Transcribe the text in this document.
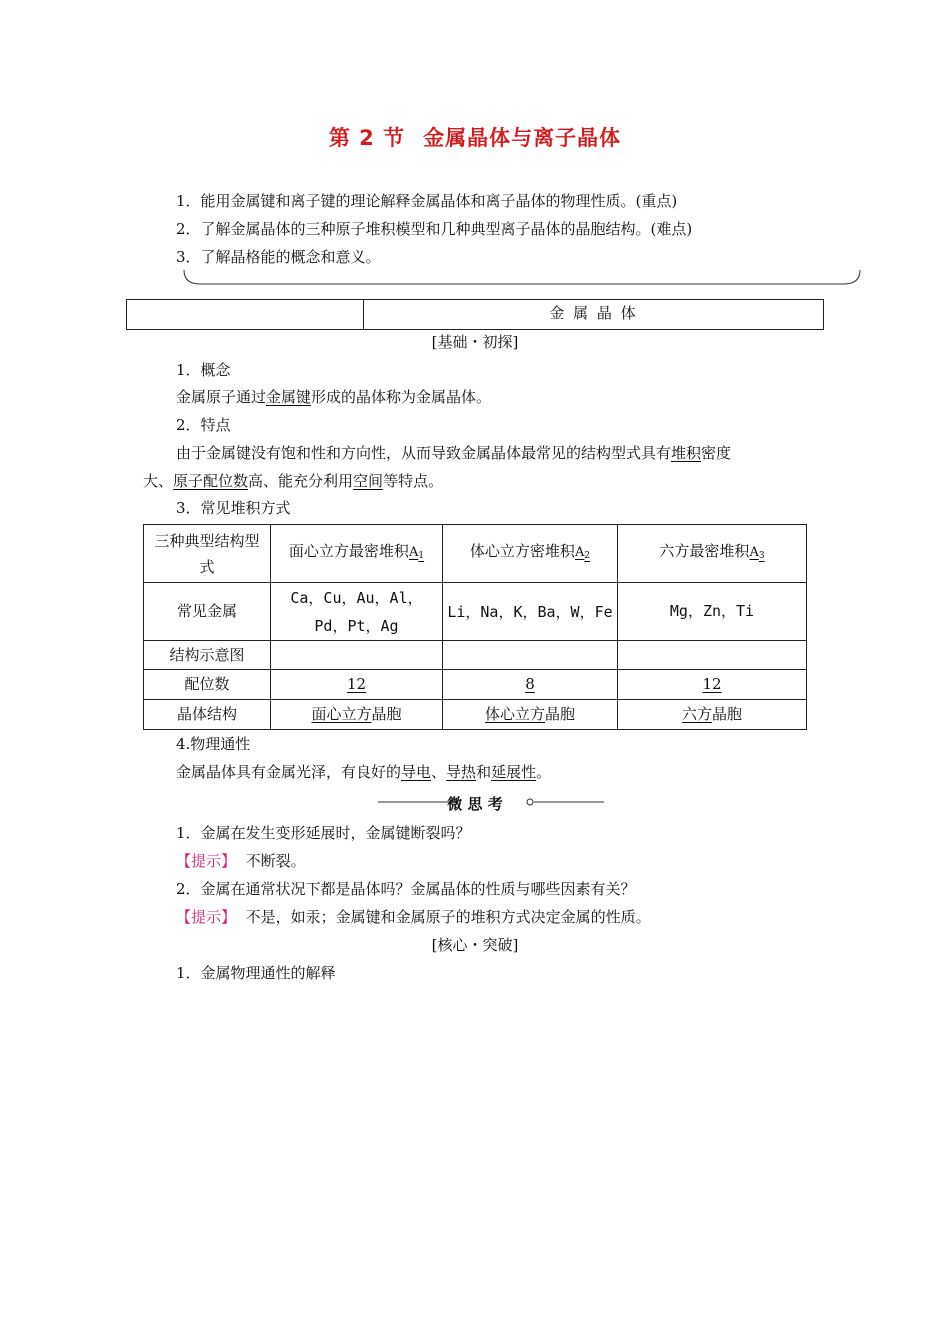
第 2 节 金属晶体与离子晶体
1．能用金属键和离子键的理论解释金属晶体和离子晶体的物理性质。(重点)
2．了解金属晶体的三种原子堆积模型和几种典型离子晶体的晶胞结构。(难点)
3．了解晶格能的概念和意义。
	金 属 晶 体
[基础・初探]
1．概念
金属原子通过金属键形成的晶体称为金属晶体。
2．特点
由于金属键没有饱和性和方向性，从而导致金属晶体最常见的结构型式具有堆积密度
大、原子配位数高、能充分利用空间等特点。
3．常见堆积方式
三种典型结构型式	面心立方最密堆积$A_1$	体心立方密堆积$A_2$	六方最密堆积$A_3$
常见金属	Ca，Cu，Au，Al，Pd，Pt，Ag	Li，Na，K，Ba，W，Fe	Mg，Zn，Ti
结构示意图			
配位数	12	8	12
晶体结构	面心立方晶胞	体心立方晶胞	六方晶胞
4.物理通性
金属晶体具有金属光泽，有良好的导电、导热和延展性。
微 思 考
1．金属在发生变形延展时，金属键断裂吗？
【提示】 不断裂。
2．金属在通常状况下都是晶体吗？金属晶体的性质与哪些因素有关？
【提示】 不是，如汞；金属键和金属原子的堆积方式决定金属的性质。
[核心・突破]
1．金属物理通性的解释
